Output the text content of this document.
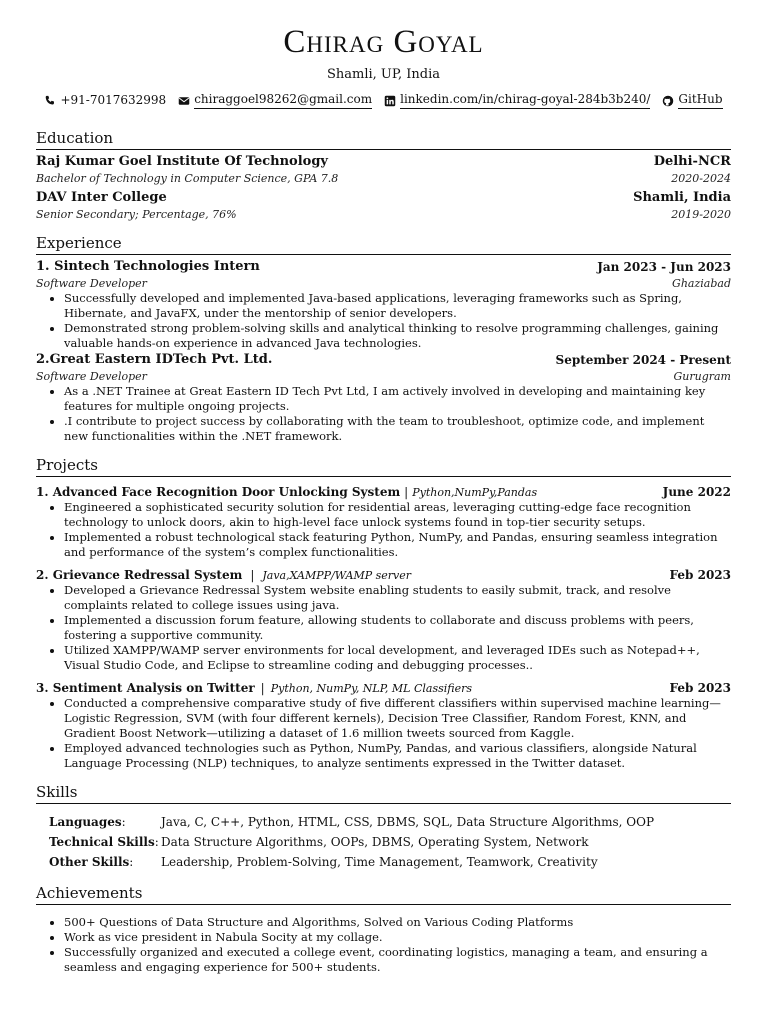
Chirag Goyal
Shamli, UP, India
+91-7017632998 chiraggoel98262@gmail.com linkedin.com/in/chirag-goyal-284b3b240/ GitHub
Education
Raj Kumar Goel Institute Of Technology	Delhi-NCR
Bachelor of Technology in Computer Science, GPA 7.8	2020-2024
DAV Inter College	Shamli, India
Senior Secondary; Percentage, 76%	2019-2020
Experience
1. Sintech Technologies Intern	Jan 2023 - Jun 2023
Software Developer	Ghaziabad
• Successfully developed and implemented Java-based applications, leveraging frameworks such as Spring, Hibernate, and JavaFX, under the mentorship of senior developers.
• Demonstrated strong problem-solving skills and analytical thinking to resolve programming challenges, gaining valuable hands-on experience in advanced Java technologies.
2.Great Eastern IDTech Pvt. Ltd.	September 2024 - Present
Software Developer	Gurugram
• As a .NET Trainee at Great Eastern ID Tech Pvt Ltd, I am actively involved in developing and maintaining key features for multiple ongoing projects.
• .I contribute to project success by collaborating with the team to troubleshoot, optimize code, and implement new functionalities within the .NET framework.
Projects
1. Advanced Face Recognition Door Unlocking System | Python,NumPy,Pandas	June 2022
• Engineered a sophisticated security solution for residential areas, leveraging cutting-edge face recognition technology to unlock doors, akin to high-level face unlock systems found in top-tier security setups.
• Implemented a robust technological stack featuring Python, NumPy, and Pandas, ensuring seamless integration and performance of the system’s complex functionalities.
2. Grievance Redressal System | Java,XAMPP/WAMP server	Feb 2023
• Developed a Grievance Redressal System website enabling students to easily submit, track, and resolve complaints related to college issues using java.
• Implemented a discussion forum feature, allowing students to collaborate and discuss problems with peers, fostering a supportive community.
• Utilized XAMPP/WAMP server environments for local development, and leveraged IDEs such as Notepad++, Visual Studio Code, and Eclipse to streamline coding and debugging processes..
3. Sentiment Analysis on Twitter | Python, NumPy, NLP, ML Classifiers	Feb 2023
• Conducted a comprehensive comparative study of five different classifiers within supervised machine learning—Logistic Regression, SVM (with four different kernels), Decision Tree Classifier, Random Forest, KNN, and Gradient Boost Network—utilizing a dataset of 1.6 million tweets sourced from Kaggle.
• Employed advanced technologies such as Python, NumPy, Pandas, and various classifiers, alongside Natural Language Processing (NLP) techniques, to analyze sentiments expressed in the Twitter dataset.
Skills
Languages:	Java, C, C++, Python, HTML, CSS, DBMS, SQL, Data Structure Algorithms, OOP
Technical Skills: Data Structure Algorithms, OOPs, DBMS, Operating System, Network
Other Skills:	Leadership, Problem-Solving, Time Management, Teamwork, Creativity
Achievements
• 500+ Questions of Data Structure and Algorithms, Solved on Various Coding Platforms
• Work as vice president in Nabula Socity at my collage.
• Successfully organized and executed a college event, coordinating logistics, managing a team, and ensuring a seamless and engaging experience for 500+ students.
